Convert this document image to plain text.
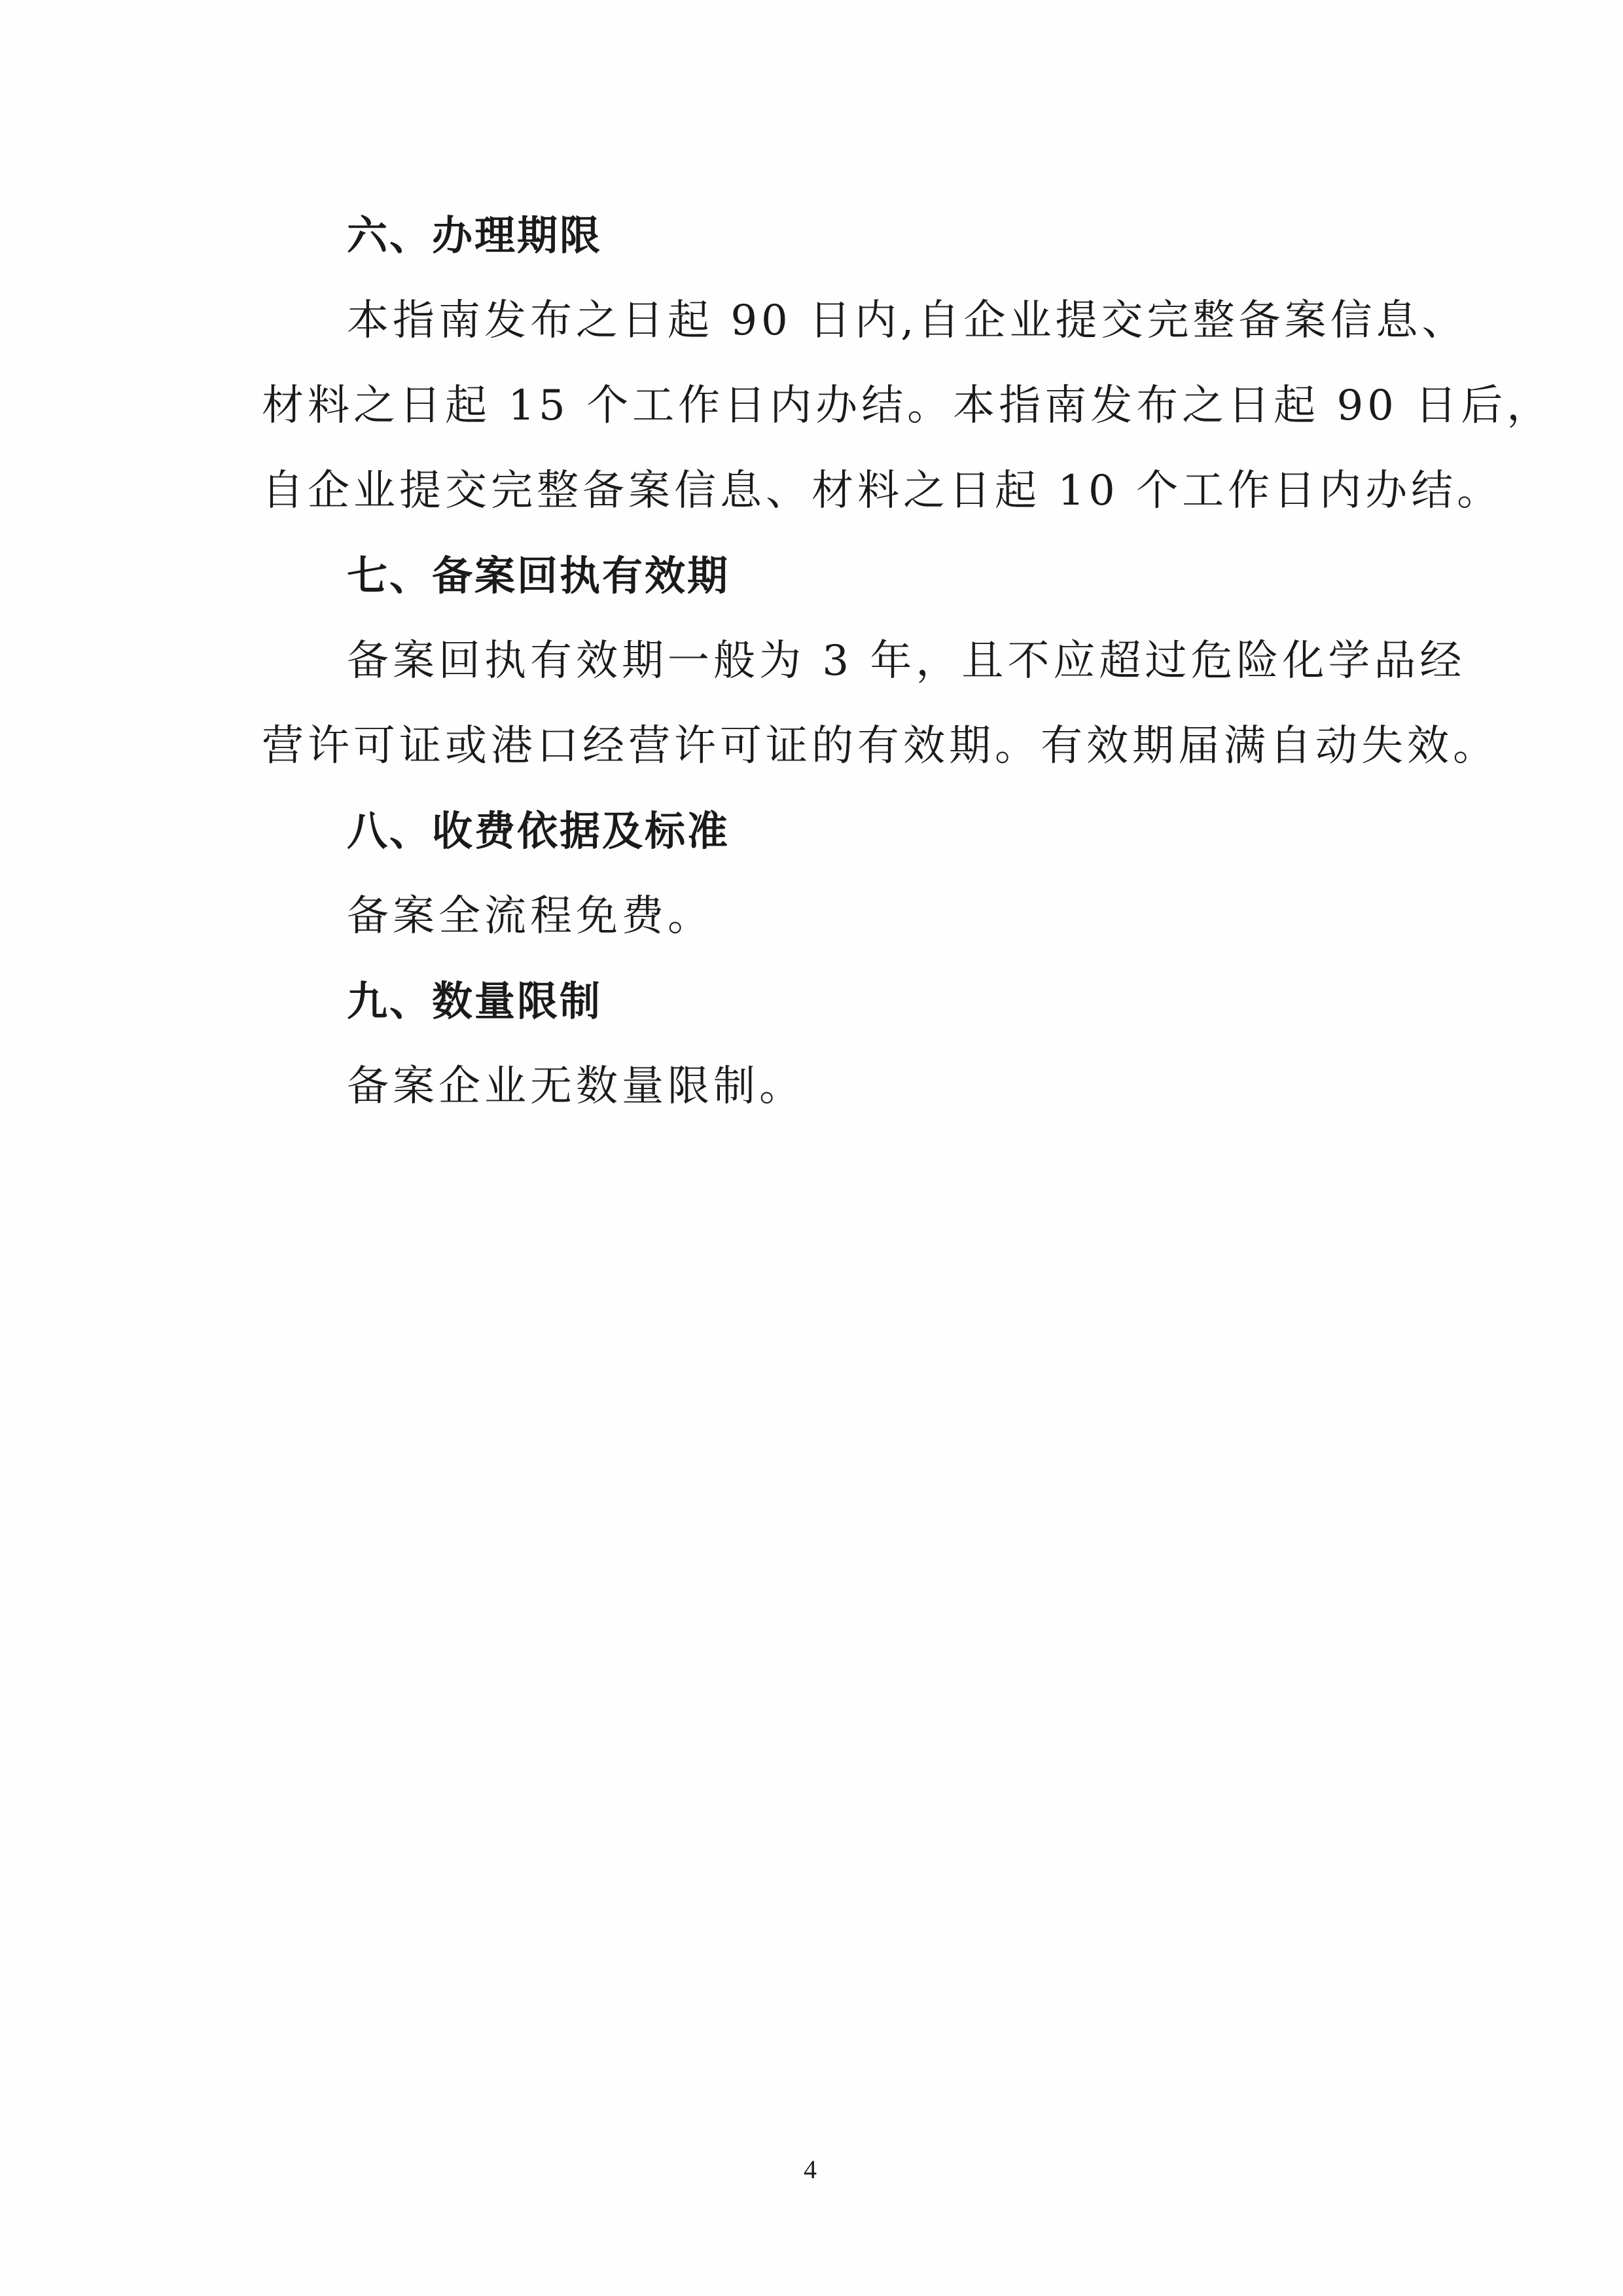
六、办理期限
本指南发布之日起 90 日内,自企业提交完整备案信息、
材料之日起 15 个工作日内办结。本指南发布之日起 90 日后，
自企业提交完整备案信息、材料之日起 10 个工作日内办结。
七、备案回执有效期
备案回执有效期一般为 3 年，且不应超过危险化学品经
营许可证或港口经营许可证的有效期。有效期届满自动失效。
八、收费依据及标准
备案全流程免费。
九、数量限制
备案企业无数量限制。
4
